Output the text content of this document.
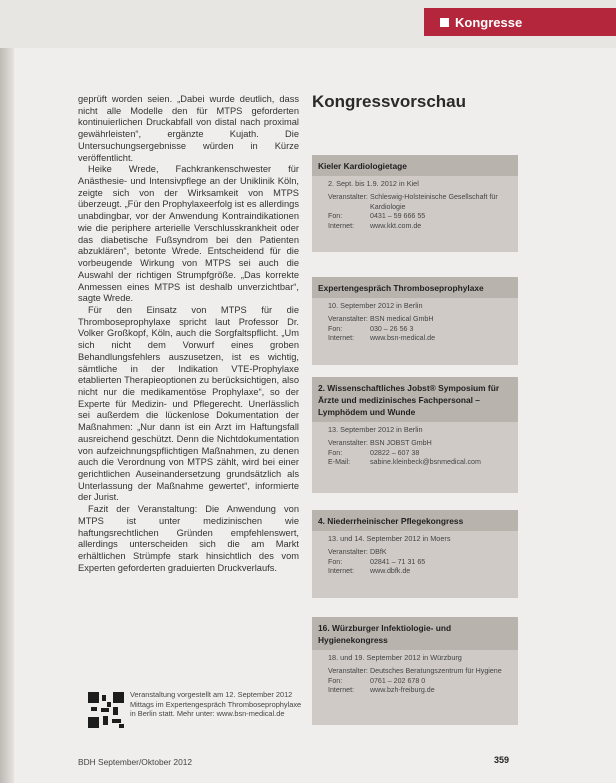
Kongresse

geprüft worden seien. „Dabei wurde deutlich, dass nicht alle Modelle den für MTPS geforderten kontinuierlichen Druckabfall von distal nach proximal gewährleisten“, ergänzte Kujath. Die Untersuchungsergebnisse würden in Kürze veröffentlicht.

Heike Wrede, Fachkrankenschwester für Anästhesie- und Intensivpflege an der Uniklinik Köln, zeigte sich von der Wirksamkeit von MTPS überzeugt. „Für den Prophylaxeerfolg ist es allerdings unabdingbar, vor der Anwendung Kontraindikationen wie die periphere arterielle Verschlusskrankheit oder das diabetische Fußsyndrom bei den Patienten abzuklären“, betonte Wrede. Entscheidend für die vorbeugende Wirkung von MTPS sei auch die Auswahl der richtigen Strumpfgröße. „Das korrekte Anmessen eines MTPS ist deshalb unverzichtbar“, sagte Wrede.

Für den Einsatz von MTPS für die Thromboseprophylaxe spricht laut Professor Dr. Volker Großkopf, Köln, auch die Sorgfaltspflicht. „Um sich nicht dem Vorwurf eines groben Behandlungsfehlers auszusetzen, ist es wichtig, sämtliche in der Indikation VTE-Prophylaxe etablierten Therapieoptionen zu berücksichtigen, also nicht nur die medikamentöse Prophylaxe“, so der Experte für Medizin- und Pflegerecht. Unerlässlich sei außerdem die lückenlose Dokumentation der Maßnahmen: „Nur dann ist ein Arzt im Haftungsfall ausreichend geschützt. Denn die Nichtdokumentation von aufzeichnungspflichtigen Maßnahmen, zu denen auch die Verordnung von MTPS zählt, wird bei einer gerichtlichen Auseinandersetzung grundsätzlich als Unterlassung der Maßnahme gewertet“, informierte der Jurist.

Fazit der Veranstaltung: Die Anwendung von MTPS ist unter medizinischen wie haftungsrechtlichen Gründen empfehlenswert, allerdings unterscheiden sich die am Markt erhältlichen Strümpfe stark hinsichtlich des vom Experten geforderten graduierten Druckverlaufs.

Veranstaltung vorgestellt am 12. September 2012 Mittags im Expertengespräch Thromboseprophylaxe in Berlin statt. Mehr unter: www.bsn-medical.de
Kongressvorschau
Kieler Kardiologietage
2. Sept. bis 1.9. 2012 in Kiel
Veranstalter: Schleswig-Holsteinische Gesellschaft für Kardiologie
Fon:	0431 – 59 666 55
Internet:	www.kkt.com.de
Expertengespräch Thromboseprophylaxe
10. September 2012 in Berlin
Veranstalter: BSN medical GmbH
Fon:	030 – 26 56 3
Internet:	www.bsn-medical.de
2. Wissenschaftliches Jobst® Symposium für Ärzte und medizinisches Fachpersonal – Lymphödem und Wunde
13. September 2012 in Berlin
Veranstalter: BSN JOBST GmbH
Fon:	02822 – 607 38
E-Mail:	sabine.kleinbeck@bsnmedical.com
4. Niederrheinischer Pflegekongress
13. und 14. September 2012 in Moers
Veranstalter: DBfK
Fon:	02841 – 71 31 65
Internet:	www.dbfk.de
16. Würzburger Infektiologie- und Hygienekongress
18. und 19. September 2012 in Würzburg
Veranstalter: Deutsches Beratungszentrum für Hygiene
Fon:	0761 – 202 678 0
Internet:	www.bzh-freiburg.de
BDH September/Oktober 2012	359
